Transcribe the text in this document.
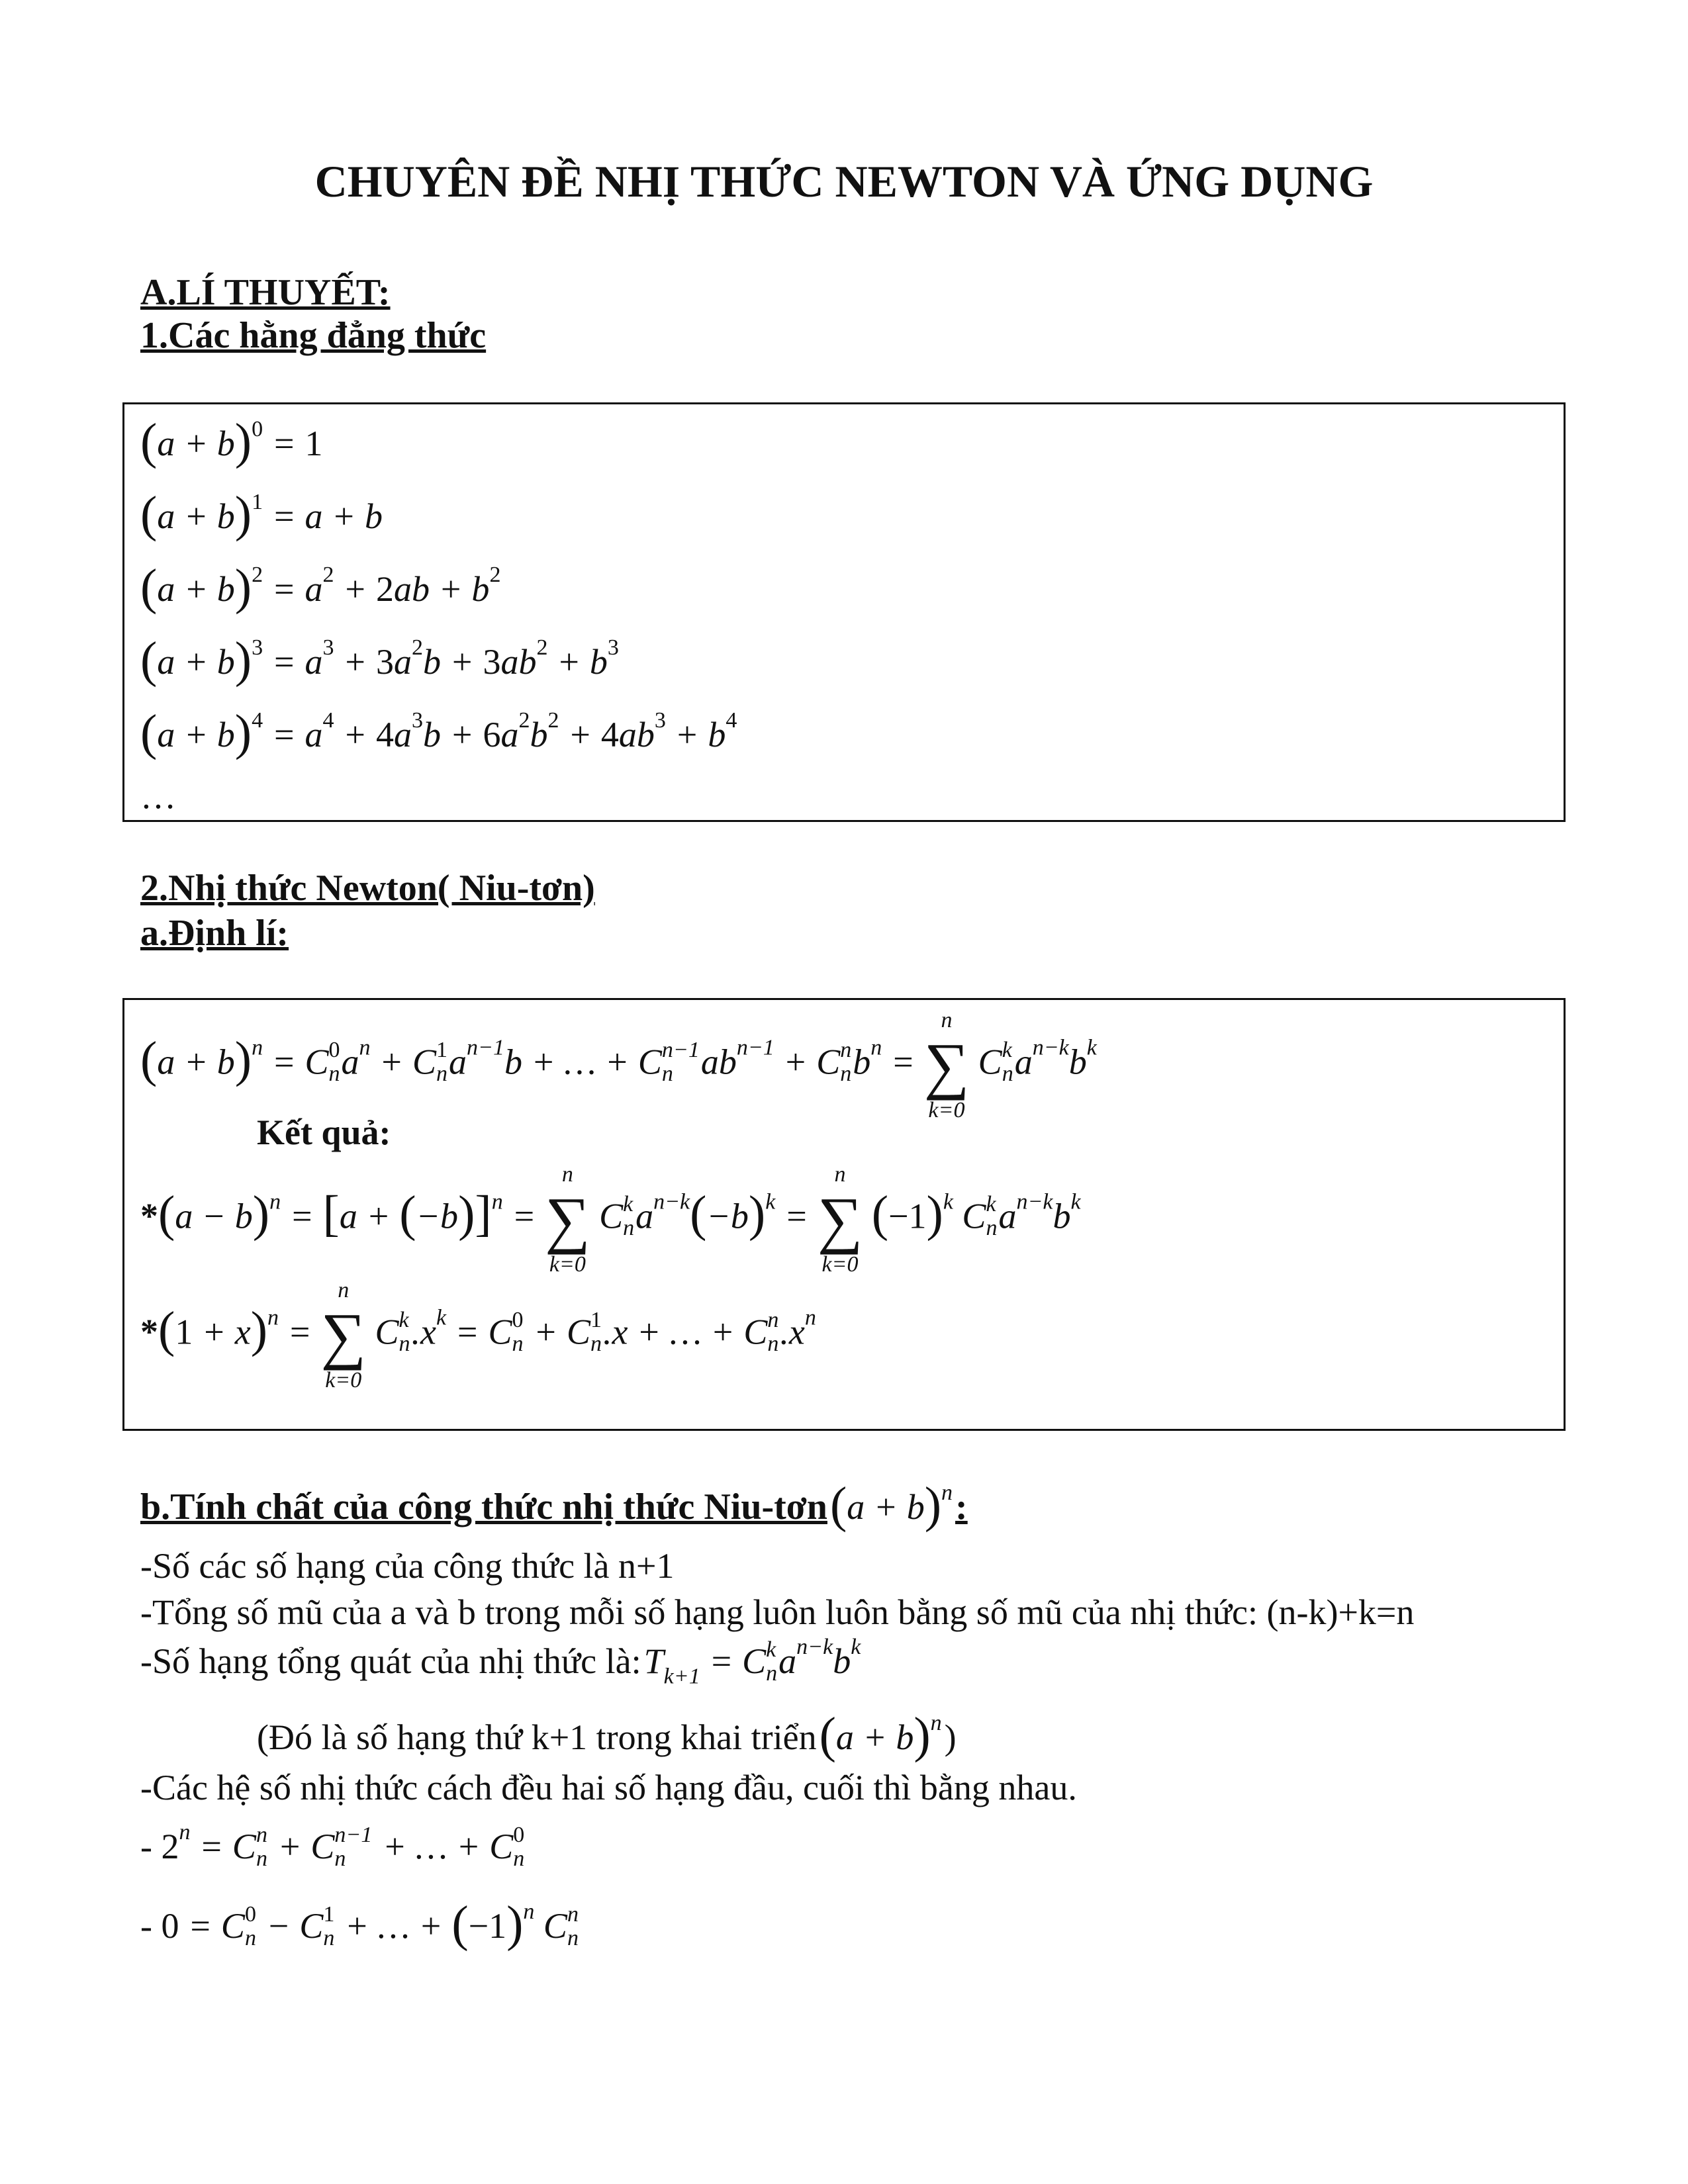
CHUYÊN ĐỀ NHỊ THỨC NEWTON VÀ ỨNG DỤNG
A.LÍ THUYẾT:
1.Các hằng đẳng thức
$(a + b)^0 = 1$
$(a + b)^1 = a + b$
$(a + b)^2 = a^2 + 2ab + b^2$
$(a + b)^3 = a^3 + 3a^2b + 3ab^2 + b^3$
$(a + b)^4 = a^4 + 4a^3b + 6a^2b^2 + 4ab^3 + b^4$
…
2.Nhị thức Newton( Niu-tơn)
a.Định lí:
$(a + b)^n = C$ 0
n $a^n + C$ 1
n $a^{n-1}b$ + … + C n−1
n $ab^{n-1} + C$ n
n $b^n$ =
n
∑
k=0
C k
n $a^{n-k}b^k$
Kết quả:
$*(a - b)^n = [a + (-b)]^n$ =
n
∑
k=0
C k
n $a^{n-k}(-b)^k$ =
n
∑
k=0
$(-1)^k$ C k
n $a^{n-k}b^k$
$*(1 + x)^n$ =
n
∑
k=0
C k
n $.x^k = C$ 0
n + C 1
n .x + … + C n
n $.x^n$
b.Tính chất của công thức nhị thức Niu-tơn $(a + b)^n$ :
-Số các số hạng của công thức là n+1
-Tổng số mũ của a và b trong mỗi số hạng luôn luôn bằng số mũ của nhị thức: (n-k)+k=n
-Số hạng tổng quát của nhị thức là: $T_{k+1} = C$ k
n $a^{n-k}b^k$
(Đó là số hạng thứ k+1 trong khai triển $(a + b)^n$ )
-Các hệ số nhị thức cách đều hai số hạng đầu, cuối thì bằng nhau.
- $2^n = C$ n
n + C n−1
n + … + C 0
n
- 0 = C 0
n − C 1
n + … + $(-1)^n$ C n
n
